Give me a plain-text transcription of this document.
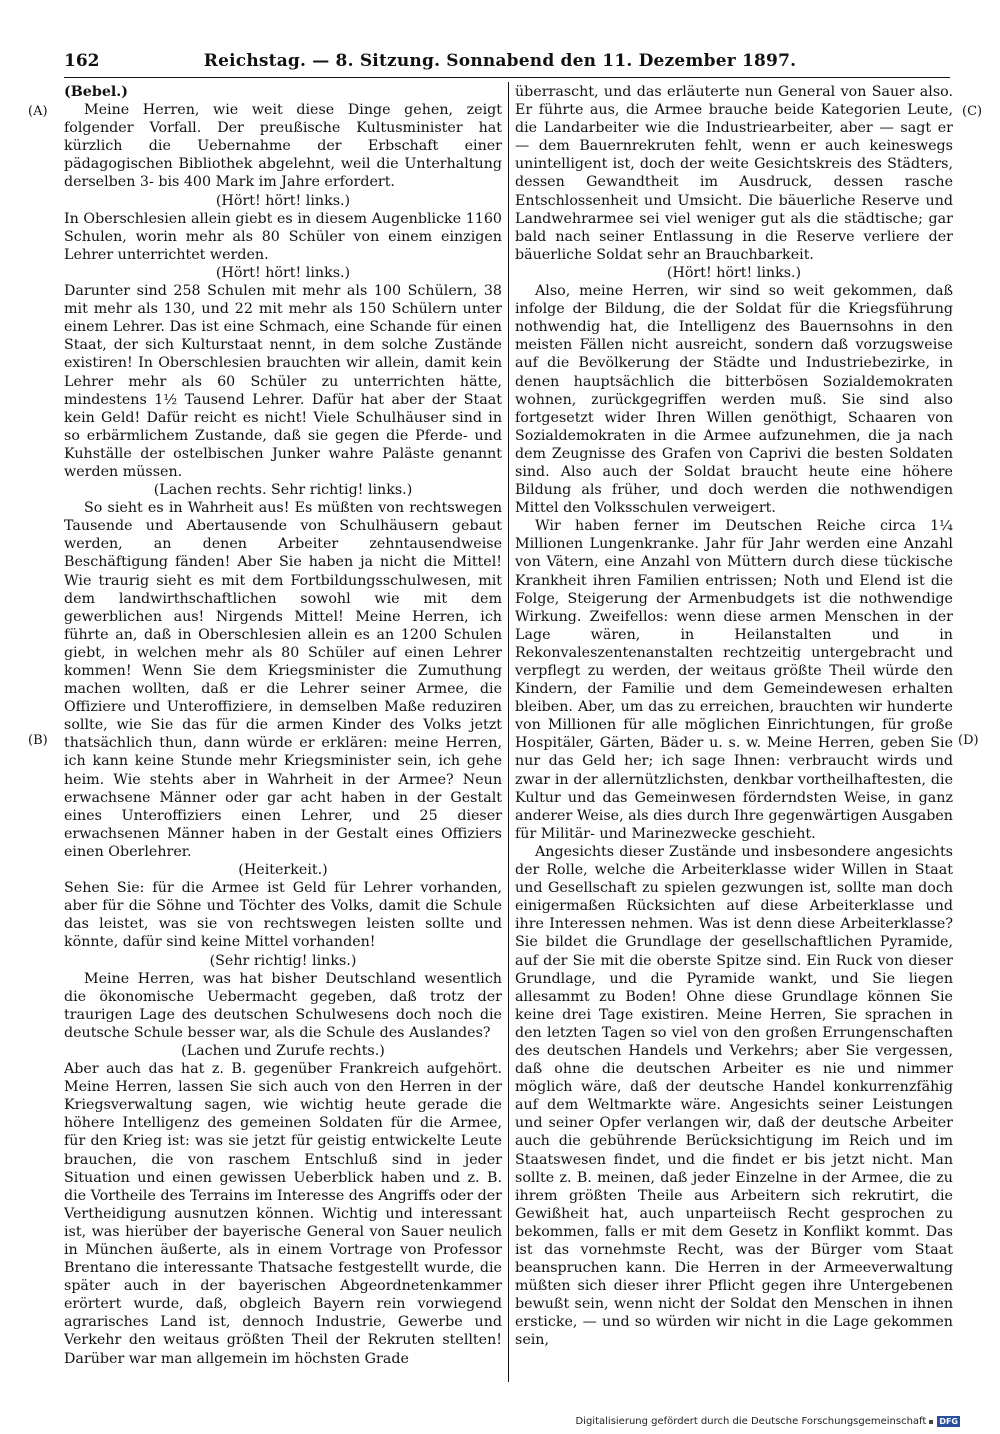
162	Reichstag. — 8. Sitzung. Sonnabend den 11. Dezember 1897.
(A)
(B)
(C)
(D)

(Bebel.)

Meine Herren, wie weit diese Dinge gehen, zeigt folgender Vorfall. Der preußische Kultusminister hat kürzlich die Uebernahme der Erbschaft einer pädagogischen Bibliothek abgelehnt, weil die Unterhaltung derselben 3- bis 400 Mark im Jahre erfordert.

(Hört! hört! links.)

In Oberschlesien allein giebt es in diesem Augenblicke 1160 Schulen, worin mehr als 80 Schüler von einem einzigen Lehrer unterrichtet werden.

(Hört! hört! links.)

Darunter sind 258 Schulen mit mehr als 100 Schülern, 38 mit mehr als 130, und 22 mit mehr als 150 Schülern unter einem Lehrer. Das ist eine Schmach, eine Schande für einen Staat, der sich Kulturstaat nennt, in dem solche Zustände existiren! In Oberschlesien brauchten wir allein, damit kein Lehrer mehr als 60 Schüler zu unterrichten hätte, mindestens 1½ Tausend Lehrer. Dafür hat aber der Staat kein Geld! Dafür reicht es nicht! Viele Schulhäuser sind in so erbärmlichem Zustande, daß sie gegen die Pferde- und Kuhställe der ostelbischen Junker wahre Paläste genannt werden müssen.

(Lachen rechts. Sehr richtig! links.)

So sieht es in Wahrheit aus! Es müßten von rechtswegen Tausende und Abertausende von Schulhäusern gebaut werden, an denen Arbeiter zehntausendweise Beschäftigung fänden! Aber Sie haben ja nicht die Mittel! Wie traurig sieht es mit dem Fortbildungsschulwesen, mit dem landwirthschaftlichen sowohl wie mit dem gewerblichen aus! Nirgends Mittel! Meine Herren, ich führte an, daß in Oberschlesien allein es an 1200 Schulen giebt, in welchen mehr als 80 Schüler auf einen Lehrer kommen! Wenn Sie dem Kriegsminister die Zumuthung machen wollten, daß er die Lehrer seiner Armee, die Offiziere und Unteroffiziere, in demselben Maße reduziren sollte, wie Sie das für die armen Kinder des Volks jetzt thatsächlich thun, dann würde er erklären: meine Herren, ich kann keine Stunde mehr Kriegsminister sein, ich gehe heim. Wie stehts aber in Wahrheit in der Armee? Neun erwachsene Männer oder gar acht haben in der Gestalt eines Unteroffiziers einen Lehrer, und 25 dieser erwachsenen Männer haben in der Gestalt eines Offiziers einen Oberlehrer.

(Heiterkeit.)

Sehen Sie: für die Armee ist Geld für Lehrer vorhanden, aber für die Söhne und Töchter des Volks, damit die Schule das leistet, was sie von rechtswegen leisten sollte und könnte, dafür sind keine Mittel vorhanden!

(Sehr richtig! links.)

Meine Herren, was hat bisher Deutschland wesentlich die ökonomische Uebermacht gegeben, daß trotz der traurigen Lage des deutschen Schulwesens doch noch die deutsche Schule besser war, als die Schule des Auslandes?

(Lachen und Zurufe rechts.)

Aber auch das hat z. B. gegenüber Frankreich aufgehört. Meine Herren, lassen Sie sich auch von den Herren in der Kriegsverwaltung sagen, wie wichtig heute gerade die höhere Intelligenz des gemeinen Soldaten für die Armee, für den Krieg ist: was sie jetzt für geistig entwickelte Leute brauchen, die von raschem Entschluß sind in jeder Situation und einen gewissen Ueberblick haben und z. B. die Vortheile des Terrains im Interesse des Angriffs oder der Vertheidigung ausnutzen können. Wichtig und interessant ist, was hierüber der bayerische General von Sauer neulich in München äußerte, als in einem Vortrage von Professor Brentano die interessante Thatsache festgestellt wurde, die später auch in der bayerischen Abgeordnetenkammer erörtert wurde, daß, obgleich Bayern rein vorwiegend agrarisches Land ist, dennoch Industrie, Gewerbe und Verkehr den weitaus größten Theil der Rekruten stellten! Darüber war man allgemein im höchsten Grade

überrascht, und das erläuterte nun General von Sauer also. Er führte aus, die Armee brauche beide Kategorien Leute, die Landarbeiter wie die Industriearbeiter, aber — sagt er — dem Bauernrekruten fehlt, wenn er auch keineswegs unintelligent ist, doch der weite Gesichtskreis des Städters, dessen Gewandtheit im Ausdruck, dessen rasche Entschlossenheit und Umsicht. Die bäuerliche Reserve und Landwehrarmee sei viel weniger gut als die städtische; gar bald nach seiner Entlassung in die Reserve verliere der bäuerliche Soldat sehr an Brauchbarkeit.

(Hört! hört! links.)

Also, meine Herren, wir sind so weit gekommen, daß infolge der Bildung, die der Soldat für die Kriegsführung nothwendig hat, die Intelligenz des Bauernsohns in den meisten Fällen nicht ausreicht, sondern daß vorzugsweise auf die Bevölkerung der Städte und Industriebezirke, in denen hauptsächlich die bitterbösen Sozialdemokraten wohnen, zurückgegriffen werden muß. Sie sind also fortgesetzt wider Ihren Willen genöthigt, Schaaren von Sozialdemokraten in die Armee aufzunehmen, die ja nach dem Zeugnisse des Grafen von Caprivi die besten Soldaten sind. Also auch der Soldat braucht heute eine höhere Bildung als früher, und doch werden die nothwendigen Mittel den Volksschulen verweigert.

Wir haben ferner im Deutschen Reiche circa 1¼ Millionen Lungenkranke. Jahr für Jahr werden eine Anzahl von Vätern, eine Anzahl von Müttern durch diese tückische Krankheit ihren Familien entrissen; Noth und Elend ist die Folge, Steigerung der Armenbudgets ist die nothwendige Wirkung. Zweifellos: wenn diese armen Menschen in der Lage wären, in Heilanstalten und in Rekonvaleszentenanstalten rechtzeitig untergebracht und verpflegt zu werden, der weitaus größte Theil würde den Kindern, der Familie und dem Gemeindewesen erhalten bleiben. Aber, um das zu erreichen, brauchten wir hunderte von Millionen für alle möglichen Einrichtungen, für große Hospitäler, Gärten, Bäder u. s. w. Meine Herren, geben Sie nur das Geld her; ich sage Ihnen: verbraucht wirds und zwar in der allernützlichsten, denkbar vortheilhaftesten, die Kultur und das Gemeinwesen förderndsten Weise, in ganz anderer Weise, als dies durch Ihre gegenwärtigen Ausgaben für Militär- und Marinezwecke geschieht.

Angesichts dieser Zustände und insbesondere angesichts der Rolle, welche die Arbeiterklasse wider Willen in Staat und Gesellschaft zu spielen gezwungen ist, sollte man doch einigermaßen Rücksichten auf diese Arbeiterklasse und ihre Interessen nehmen. Was ist denn diese Arbeiterklasse? Sie bildet die Grundlage der gesellschaftlichen Pyramide, auf der Sie mit die oberste Spitze sind. Ein Ruck von dieser Grundlage, und die Pyramide wankt, und Sie liegen allesammt zu Boden! Ohne diese Grundlage können Sie keine drei Tage existiren. Meine Herren, Sie sprachen in den letzten Tagen so viel von den großen Errungenschaften des deutschen Handels und Verkehrs; aber Sie vergessen, daß ohne die deutschen Arbeiter es nie und nimmer möglich wäre, daß der deutsche Handel konkurrenzfähig auf dem Weltmarkte wäre. Angesichts seiner Leistungen und seiner Opfer verlangen wir, daß der deutsche Arbeiter auch die gebührende Berücksichtigung im Reich und im Staatswesen findet, und die findet er bis jetzt nicht. Man sollte z. B. meinen, daß jeder Einzelne in der Armee, die zu ihrem größten Theile aus Arbeitern sich rekrutirt, die Gewißheit hat, auch unparteiisch Recht gesprochen zu bekommen, falls er mit dem Gesetz in Konflikt kommt. Das ist das vornehmste Recht, was der Bürger vom Staat beanspruchen kann. Die Herren in der Armeeverwaltung müßten sich dieser ihrer Pflicht gegen ihre Untergebenen bewußt sein, wenn nicht der Soldat den Menschen in ihnen ersticke, — und so würden wir nicht in die Lage gekommen sein,

Digitalisierung gefördert durch die Deutsche Forschungsgemeinschaft DFG
